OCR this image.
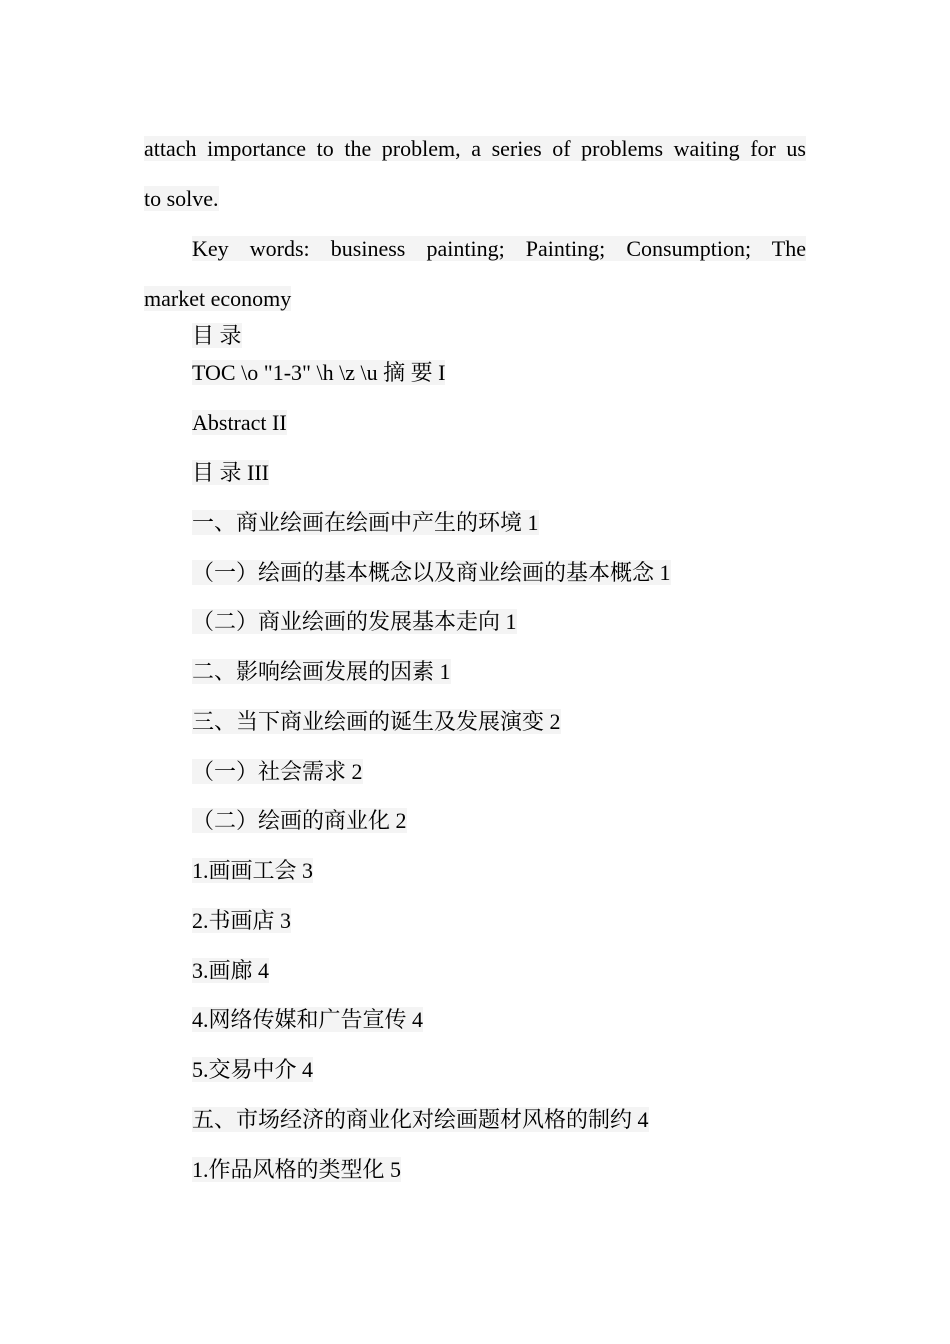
attach importance to the problem, a series of problems waiting for us
to solve.
Key words: business painting; Painting; Consumption; The
market economy
目 录
TOC \o "1-3" \h \z \u 摘 要 I
Abstract II
目 录 III
一、商业绘画在绘画中产生的环境 1
（一）绘画的基本概念以及商业绘画的基本概念 1
（二）商业绘画的发展基本走向 1
二、影响绘画发展的因素 1
三、当下商业绘画的诞生及发展演变 2
（一）社会需求 2
（二）绘画的商业化 2
1.画画工会 3
2.书画店 3
3.画廊 4
4.网络传媒和广告宣传 4
5.交易中介 4
五、市场经济的商业化对绘画题材风格的制约 4
1.作品风格的类型化 5
